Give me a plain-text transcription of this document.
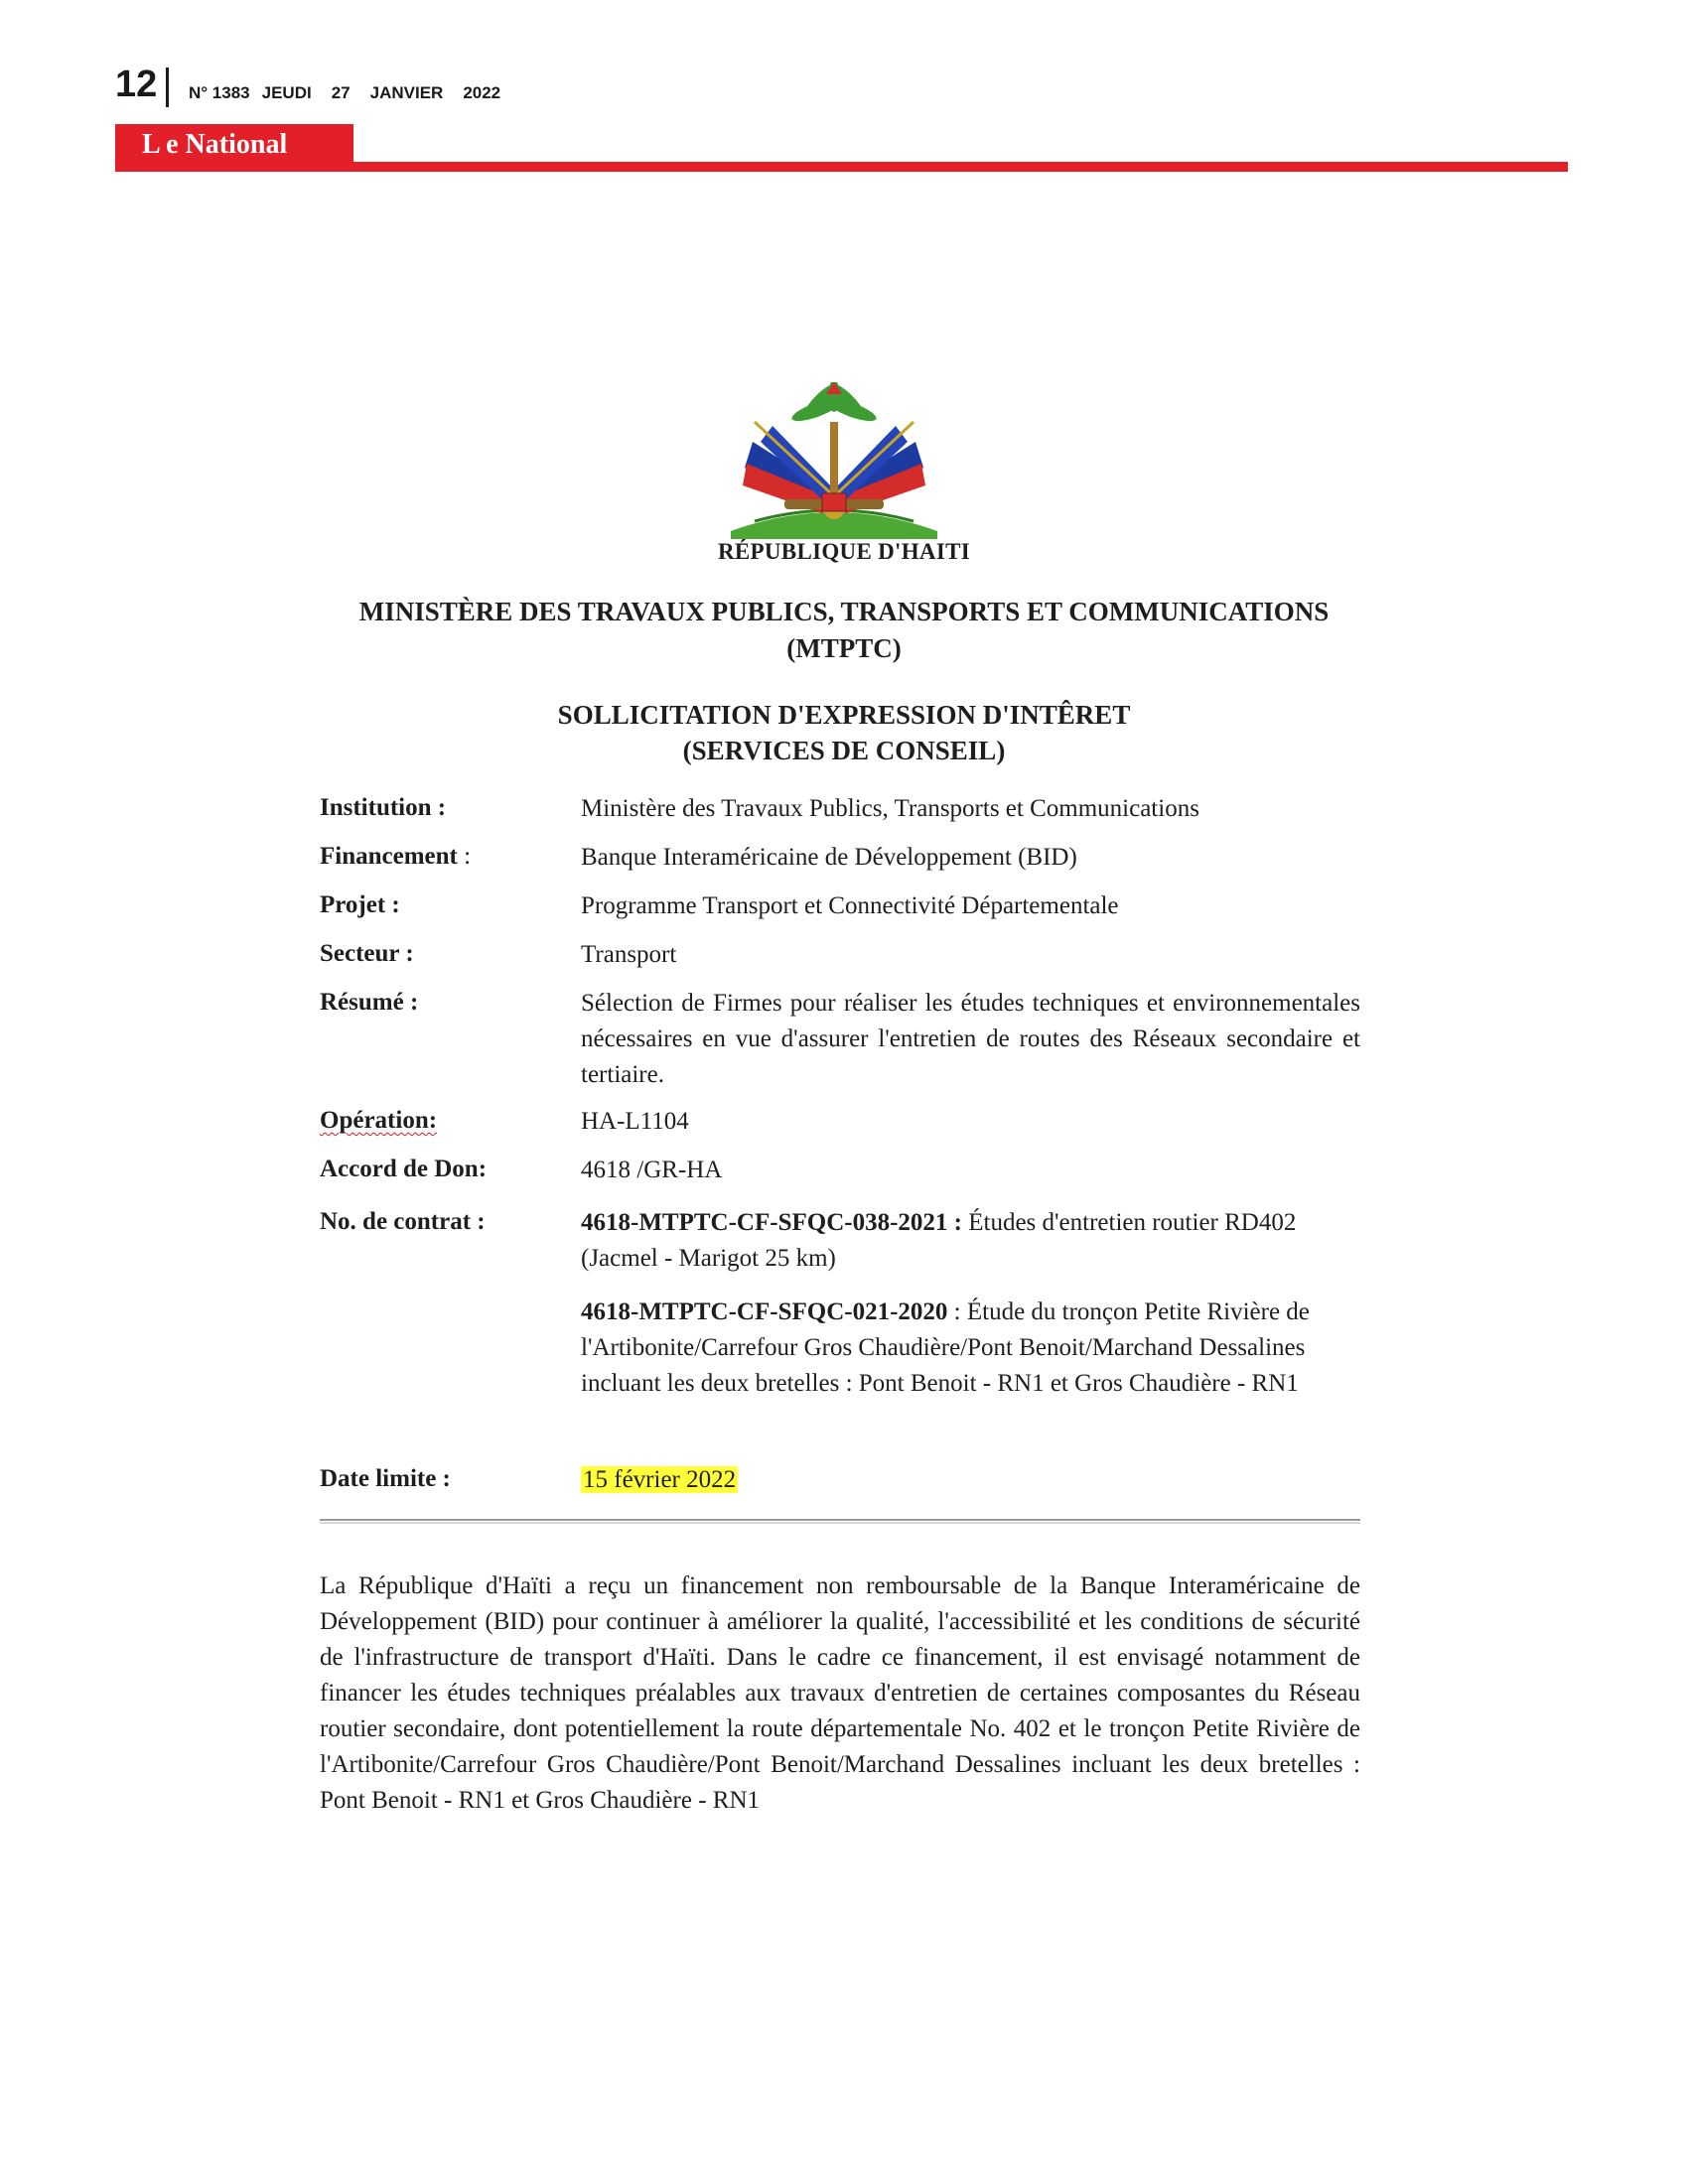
12 N° 1383 JEUDI 27 JANVIER 2022
L e National
RÉPUBLIQUE D'HAITI
MINISTÈRE DES TRAVAUX PUBLICS, TRANSPORTS ET COMMUNICATIONS
(MTPTC)
SOLLICITATION D'EXPRESSION D'INTÊRET
(SERVICES DE CONSEIL)
Institution :	Ministère des Travaux Publics, Transports et Communications
Financement :	Banque Interaméricaine de Développement (BID)
Projet :	Programme Transport et Connectivité Départementale
Secteur :	Transport
Résumé :	Sélection de Firmes pour réaliser les études techniques et environnementales nécessaires en vue d'assurer l'entretien de routes des Réseaux secondaire et tertiaire.
Opération:	HA-L1104
Accord de Don:	4618 /GR-HA
No. de contrat :	4618-MTPTC-CF-SFQC-038-2021 : Études d'entretien routier RD402 (Jacmel - Marigot 25 km)
4618-MTPTC-CF-SFQC-021-2020 : Étude du tronçon Petite Rivière de l'Artibonite/Carrefour Gros Chaudière/Pont Benoit/Marchand Dessalines incluant les deux bretelles : Pont Benoit - RN1 et Gros Chaudière - RN1
Date limite :	15 février 2022
La République d'Haïti a reçu un financement non remboursable de la Banque Interaméricaine de Développement (BID) pour continuer à améliorer la qualité, l'accessibilité et les conditions de sécurité de l'infrastructure de transport d'Haïti. Dans le cadre ce financement, il est envisagé notamment de financer les études techniques préalables aux travaux d'entretien de certaines composantes du Réseau routier secondaire, dont potentiellement la route départementale No. 402 et le tronçon Petite Rivière de l'Artibonite/Carrefour Gros Chaudière/Pont Benoit/Marchand Dessalines incluant les deux bretelles : Pont Benoit - RN1 et Gros Chaudière - RN1
